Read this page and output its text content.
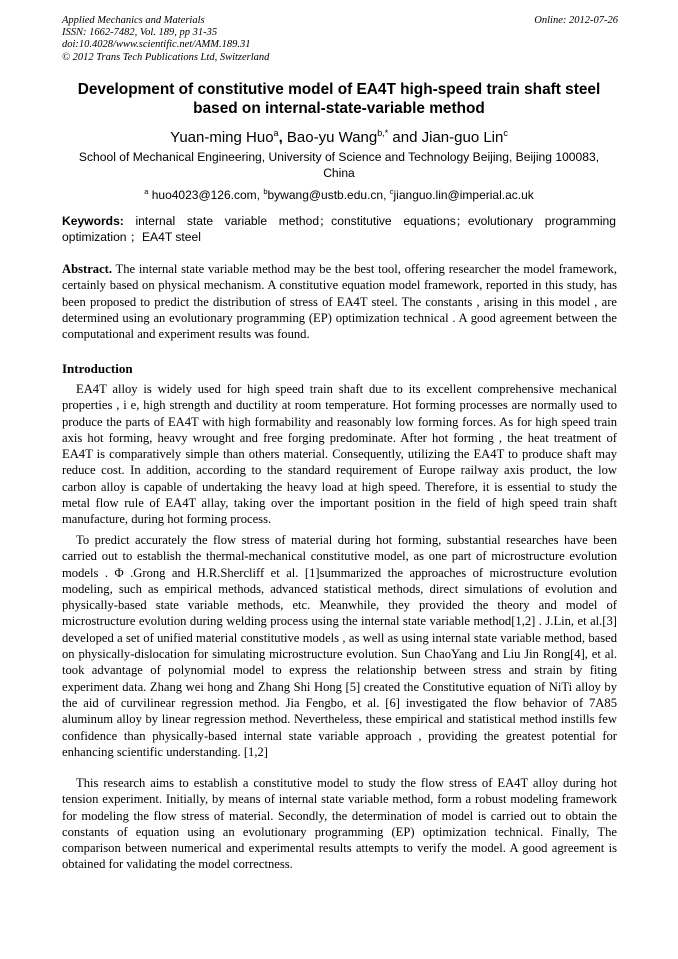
Applied Mechanics and Materials
ISSN: 1662-7482, Vol. 189, pp 31-35
doi:10.4028/www.scientific.net/AMM.189.31
© 2012 Trans Tech Publications Ltd, Switzerland
Online: 2012-07-26
Development of constitutive model of EA4T high-speed train shaft steel based on internal-state-variable method
Yuan-ming Huo$^a$, Bao-yu Wang$^{b,*}$ and Jian-guo Lin$^c$
School of Mechanical Engineering, University of Science and Technology Beijing, Beijing 100083, China
$^a$ huo4023@126.com, $^b$bywang@ustb.edu.cn, $^c$jianguo.lin@imperial.ac.uk
Keywords: internal state variable method；constitutive equations；evolutionary programming optimization ；EA4T steel
Abstract. The internal state variable method may be the best tool, offering researcher the model framework, certainly based on physical mechanism. A constitutive equation model framework, reported in this study, has been proposed to predict the distribution of stress of EA4T steel. The constants , arising in this model , are determined using an evolutionary programming (EP) optimization technical . A good agreement between the computational and experiment results was found.
Introduction

EA4T alloy is widely used for high speed train shaft due to its excellent comprehensive mechanical properties , i e, high strength and ductility at room temperature. Hot forming processes are normally used to produce the parts of EA4T with high formability and reasonably low forming forces. As for high speed train axis hot forming, heavy wrought and free forging predominate. After hot forming , the heat treatment of EA4T is comparatively simple than others material. Consequently, utilizing the EA4T to produce shaft may reduce cost. In addition, according to the standard requirement of Europe railway axis product, the low carbon alloy is capable of undertaking the heavy load at high speed. Therefore, it is essential to study the metal flow rule of EA4T allay, taking over the important position in the field of high speed train shaft manufacture, during hot forming process.

To predict accurately the flow stress of material during hot forming, substantial researches have been carried out to establish the thermal-mechanical constitutive model, as one part of microstructure evolution models . Φ .Grong and H.R.Shercliff et al. [1]summarized the approaches of microstructure evolution modeling, such as empirical methods, advanced statistical methods, direct simulations of evolution and physically-based state variable methods, etc. Meanwhile, they provided the theory and model of microstructure evolution during welding process using the internal state variable method[1,2] . J.Lin, et al.[3] developed a set of unified material constitutive models , as well as using internal state variable method, based on physically-dislocation for simulating microstructure evolution. Sun ChaoYang and Liu Jin Rong[4], et al. took advantage of polynomial model to express the relationship between stress and strain by fiting experiment data. Zhang wei hong and Zhang Shi Hong [5] created the Constitutive equation of NiTi alloy by the aid of curvilinear regression method. Jia Fengbo, et al. [6] investigated the flow behavior of 7A85 aluminum alloy by linear regression method. Nevertheless, these empirical and statistical method instills few confidence than physically-based internal state variable approach , providing the greatest potential for enhancing scientific understanding. [1,2]

This research aims to establish a constitutive model to study the flow stress of EA4T alloy during hot tension experiment. Initially, by means of internal state variable method, form a robust modeling framework for modeling the flow stress of material. Secondly, the determination of model is carried out to obtain the constants of equation using an evolutionary programming (EP) optimization technical. Finally, The comparison between numerical and experimental results attempts to verify the model. A good agreement is obtained for validating the model correctness.
